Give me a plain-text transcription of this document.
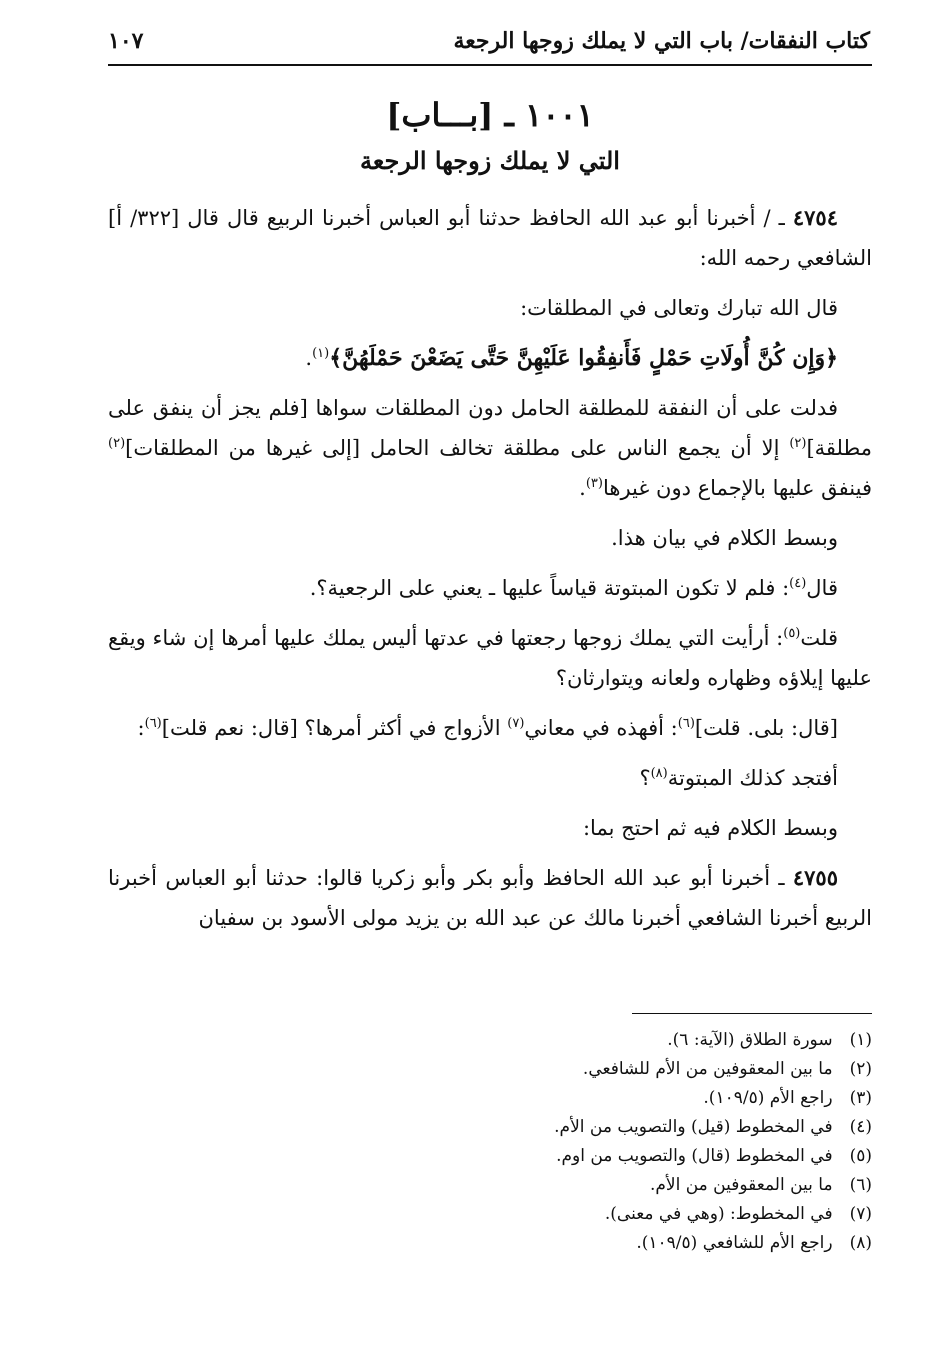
كتاب النفقات/ باب التي لا يملك زوجها الرجعة
١٠٧
١٠٠١ ـ [بـــاب]
التي لا يملك زوجها الرجعة

٤٧٥٤ ـ / أخبرنا أبو عبد الله الحافظ حدثنا أبو العباس أخبرنا الربيع قال قال [٣٢٢/ أ] الشافعي رحمه الله:

قال الله تبارك وتعالى في المطلقات:

﴿وَإِن كُنَّ أُولَاتِ حَمْلٍ فَأَنفِقُوا عَلَيْهِنَّ حَتَّى يَضَعْنَ حَمْلَهُنَّ﴾$^{(١)}$.

فدلت على أن النفقة للمطلقة الحامل دون المطلقات سواها [فلم يجز أن ينفق على مطلقة]$^{(٢)}$ إلا أن يجمع الناس على مطلقة تخالف الحامل [إلى غيرها من المطلقات]$^{(٢)}$ فينفق عليها بالإجماع دون غيرها$^{(٣)}$.

وبسط الكلام في بيان هذا.

قال$^{(٤)}$: فلم لا تكون المبتوتة قياساً عليها ـ يعني على الرجعية؟.

قلت$^{(٥)}$: أرأيت التي يملك زوجها رجعتها في عدتها أليس يملك عليها أمرها إن شاء ويقع عليها إيلاؤه وظهاره ولعانه ويتوارثان؟

[قال: بلى. قلت]$^{(٦)}$: أفهذه في معاني$^{(٧)}$ الأزواج في أكثر أمرها؟ [قال: نعم قلت]$^{(٦)}$:

أفتجد كذلك المبتوتة$^{(٨)}$؟

وبسط الكلام فيه ثم احتج بما:

٤٧٥٥ ـ أخبرنا أبو عبد الله الحافظ وأبو بكر وأبو زكريا قالوا: حدثنا أبو العباس أخبرنا الربيع أخبرنا الشافعي أخبرنا مالك عن عبد الله بن يزيد مولى الأسود بن سفيان

(١) سورة الطلاق (الآية: ٦).
(٢) ما بين المعقوفين من الأم للشافعي.
(٣) راجع الأم (١٠٩/٥).
(٤) في المخطوط (قيل) والتصويب من الأم.
(٥) في المخطوط (قال) والتصويب من اوم.
(٦) ما بين المعقوفين من الأم.
(٧) في المخطوط: (وهي في معنى).
(٨) راجع الأم للشافعي (١٠٩/٥).
